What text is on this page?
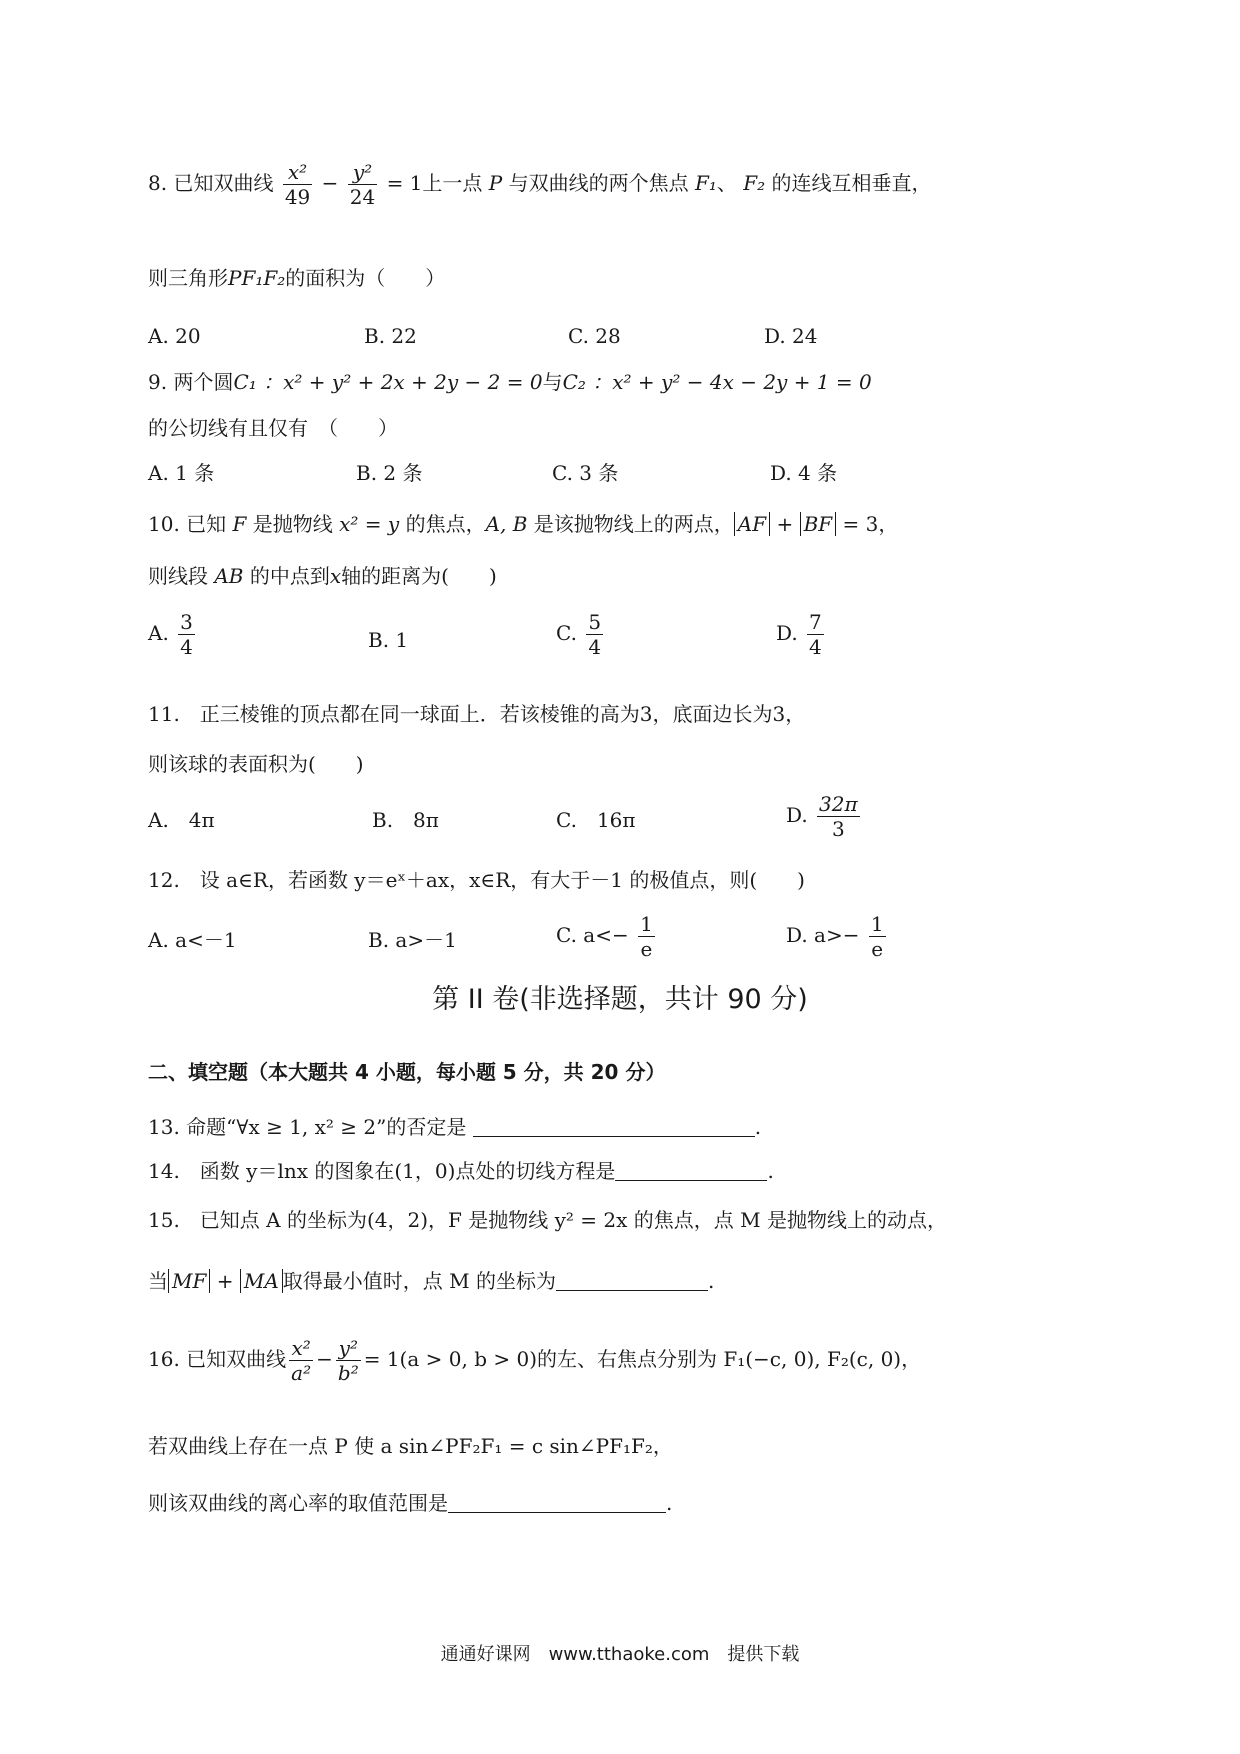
8. 已知双曲线 $\frac{\text{x²}}{49} - \frac{\text{y²}}{24} = 1$上一点 P 与双曲线的两个焦点 F₁、 F₂ 的连线互相垂直，
则三角形PF₁F₂的面积为（　　）
A. 20	B. 22	C. 28	D. 24
9. 两个圆C₁ ：x² + y² + 2x + 2y − 2 = 0与C₂ ：x² + y² − 4x − 2y + 1 = 0
的公切线有且仅有　（　　）
A. 1 条	B. 2 条	C. 3 条	D. 4 条
10. 已知 F 是抛物线 x² = y 的焦点，A, B 是该抛物线上的两点， AF + BF = 3，
则线段 AB 的中点到x轴的距离为(　　)
A. $\frac{3}{4}$	B. 1	C. $\frac{5}{4}$	D. $\frac{7}{4}$
11.　正三棱锥的顶点都在同一球面上．若该棱锥的高为3，底面边长为3，
则该球的表面积为(　　)
A.　4π	B.　8π	C.　16π	D. $\frac{32\pi}{3}$
12.　设 a∈R，若函数 y＝eˣ＋ax，x∈R，有大于－1 的极值点，则(　　)
A. a<－1	B. a>－1	C. $a<- \frac{1}{e}$	D. $a>- \frac{1}{e}$
第 II 卷(非选择题，共计 90 分)
二、填空题（本大题共 4 小题，每小题 5 分，共 20 分）
13. 命题“∀x ≥ 1, x² ≥ 2”的否定是	.
14.　函数 y＝lnx 的图象在(1，0)点处的切线方程是	.
15.　已知点 A 的坐标为(4，2)，F 是抛物线 y² = 2x 的焦点，点 M 是抛物线上的动点，
当 MF + MA 取得最小值时，点 M 的坐标为	.
16. 已知双曲线 $\frac{\text{x²}}{\text{a²}} - \frac{\text{y²}}{\text{b²}} = 1(a > 0$, b > 0)的左、右焦点分别为 F₁(−c, 0), F₂(c, 0)，
若双曲线上存在一点 P 使 a sin∠PF₂F₁ = c sin∠PF₁F₂，
则该双曲线的离心率的取值范围是	.
通通好课网　www.tthaoke.com　提供下载
